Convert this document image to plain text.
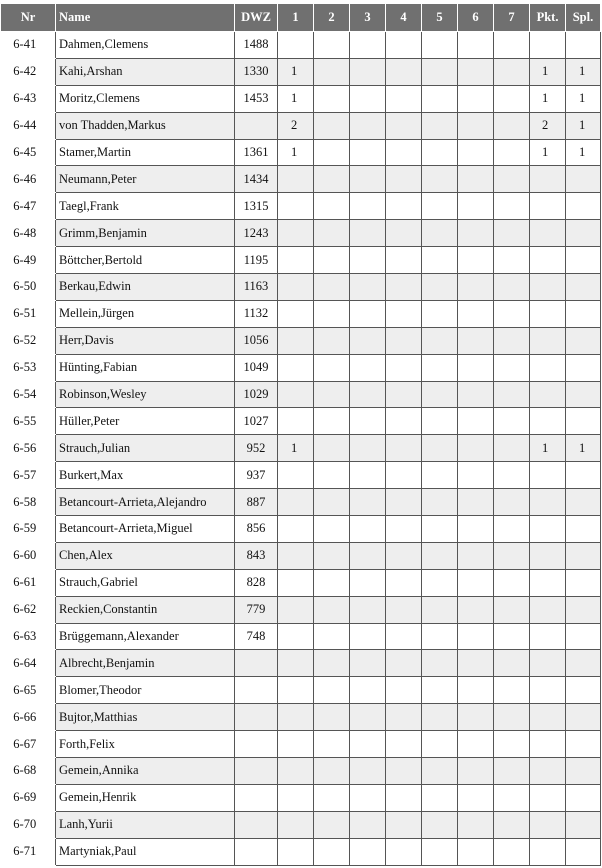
Nr	Name	DWZ	1	2	3	4	5	6	7	Pkt.	Spl.
6-41	Dahmen,Clemens	1488									
6-42	Kahi,Arshan	1330	1							1	1
6-43	Moritz,Clemens	1453	1							1	1
6-44	von Thadden,Markus		2							2	1
6-45	Stamer,Martin	1361	1							1	1
6-46	Neumann,Peter	1434									
6-47	Taegl,Frank	1315									
6-48	Grimm,Benjamin	1243									
6-49	Böttcher,Bertold	1195									
6-50	Berkau,Edwin	1163									
6-51	Mellein,Jürgen	1132									
6-52	Herr,Davis	1056									
6-53	Hünting,Fabian	1049									
6-54	Robinson,Wesley	1029									
6-55	Hüller,Peter	1027									
6-56	Strauch,Julian	952	1							1	1
6-57	Burkert,Max	937									
6-58	Betancourt-Arrieta,Alejandro	887									
6-59	Betancourt-Arrieta,Miguel	856									
6-60	Chen,Alex	843									
6-61	Strauch,Gabriel	828									
6-62	Reckien,Constantin	779									
6-63	Brüggemann,Alexander	748									
6-64	Albrecht,Benjamin										
6-65	Blomer,Theodor										
6-66	Bujtor,Matthias										
6-67	Forth,Felix										
6-68	Gemein,Annika										
6-69	Gemein,Henrik										
6-70	Lanh,Yurii										
6-71	Martyniak,Paul										
